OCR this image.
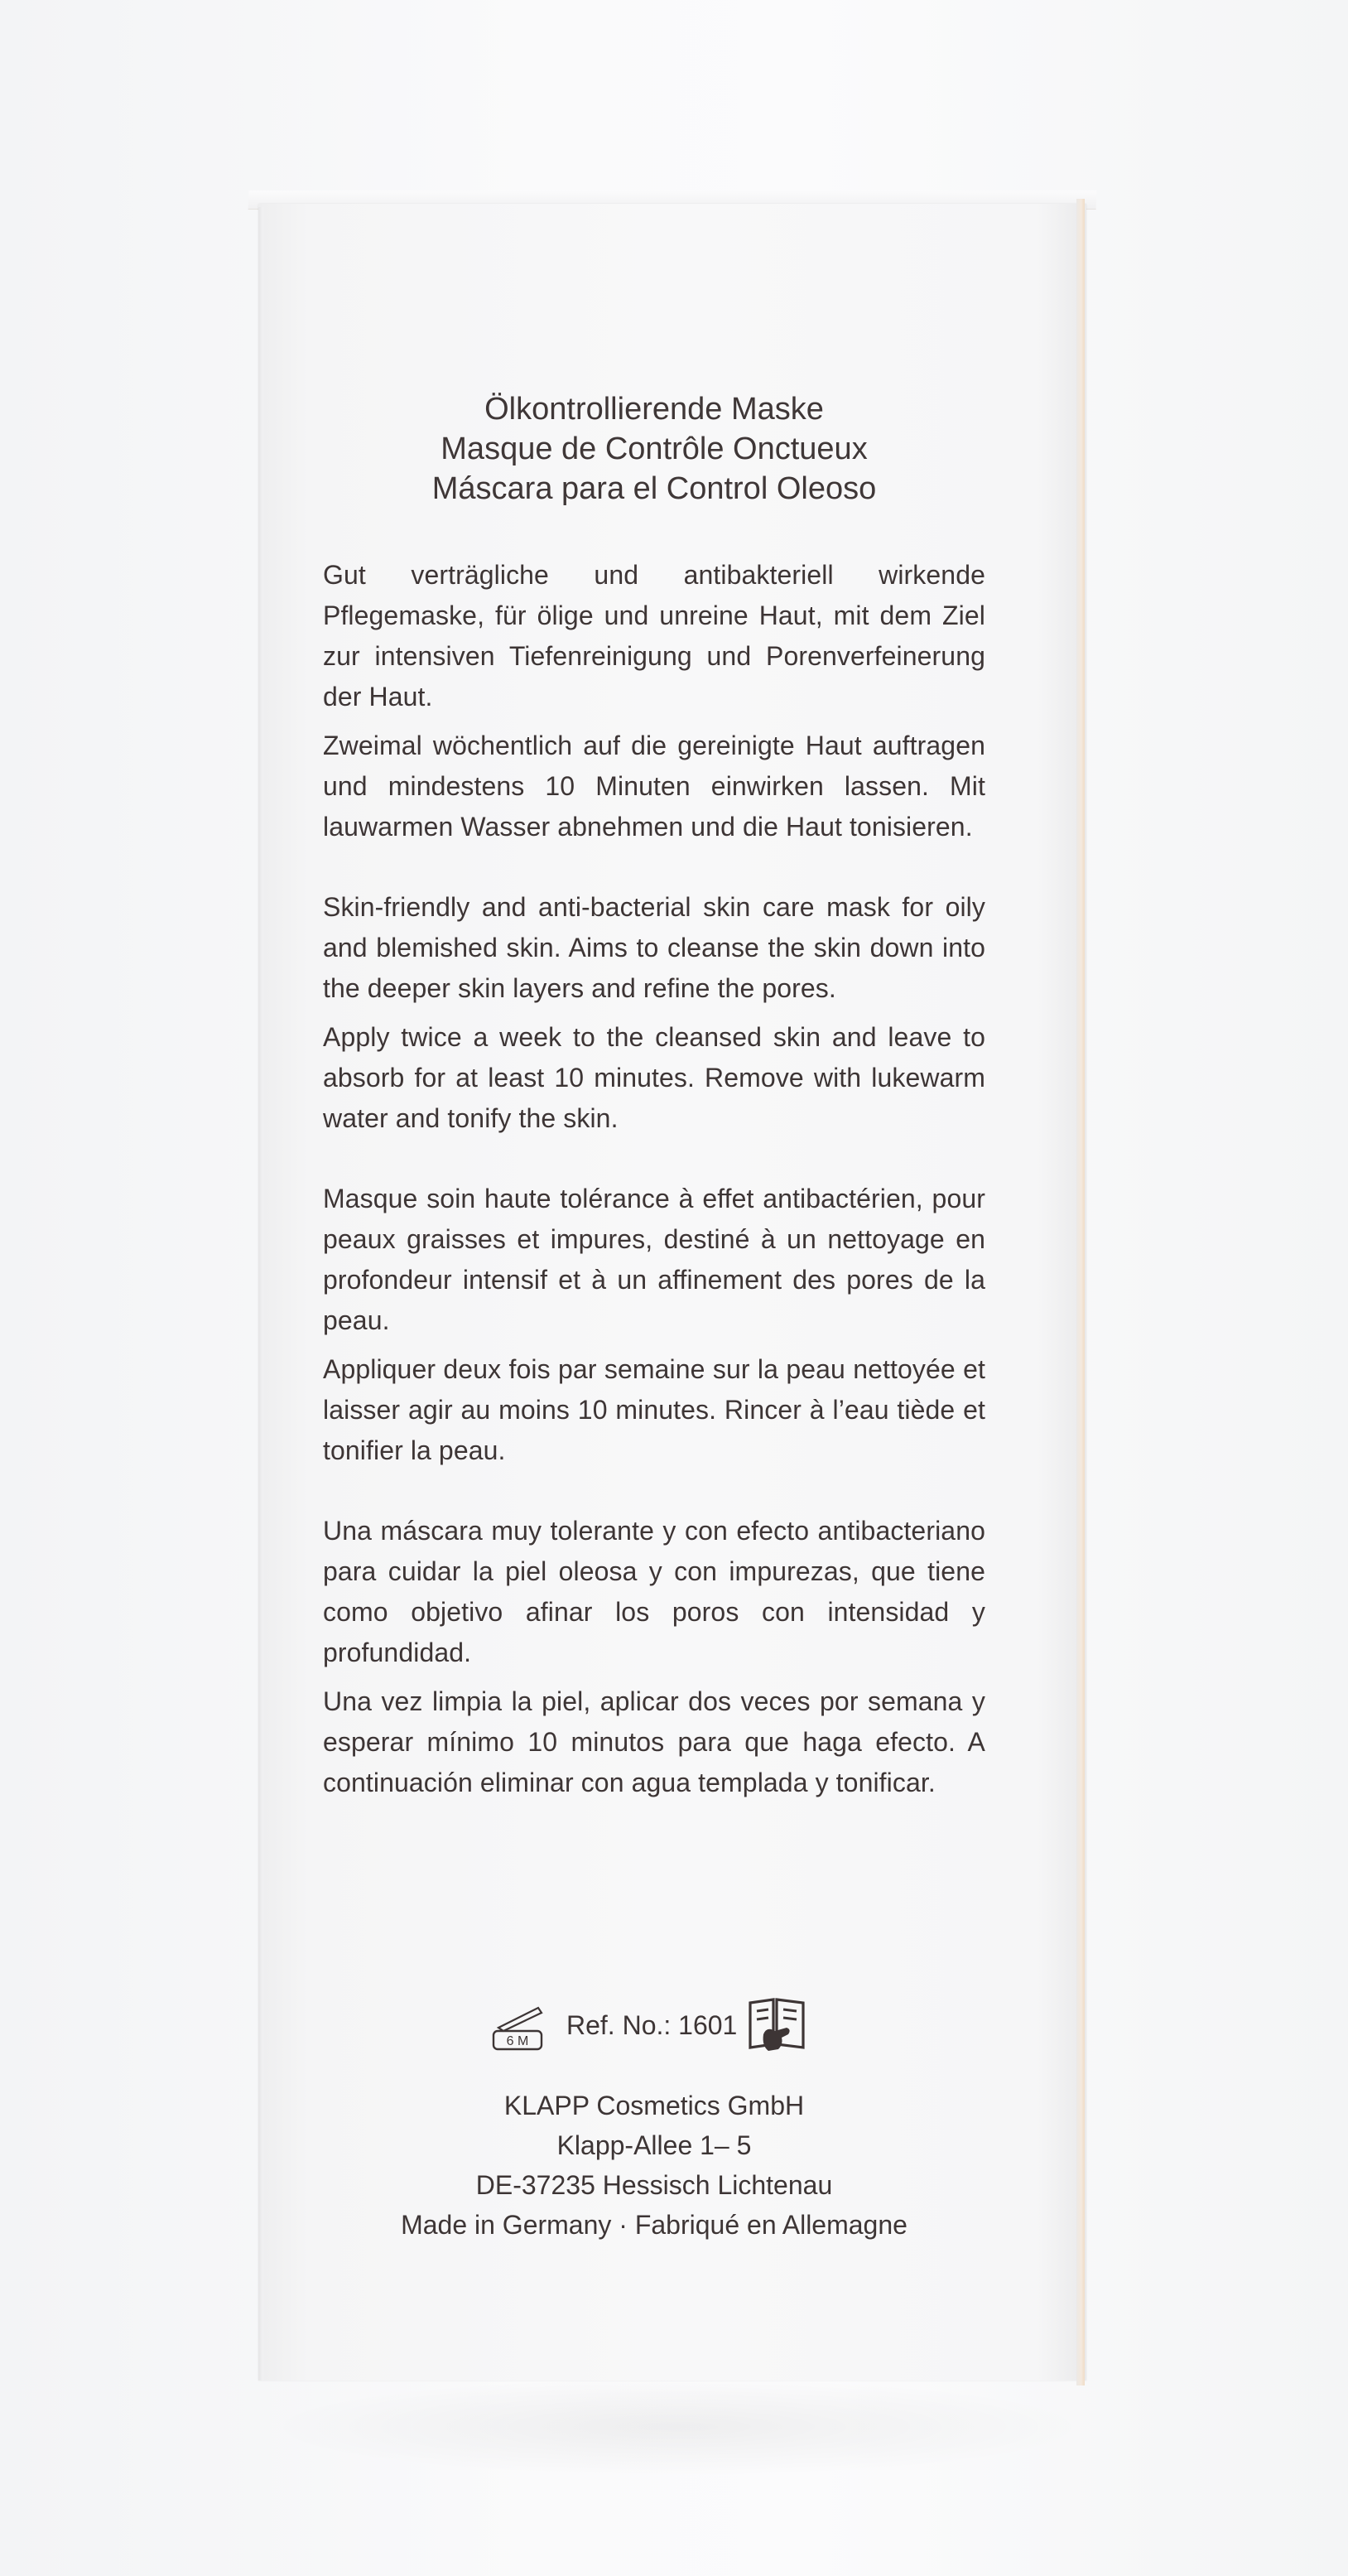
Ölkontrollierende Maske
Masque de Contrôle Onctueux
Máscara para el Control Oleoso

Gut verträgliche und antibakteriell wirkende Pflegemaske, für ölige und unreine Haut, mit dem Ziel zur intensiven Tiefenreinigung und Porenverfeinerung der Haut.

Zweimal wöchentlich auf die gereinigte Haut auftragen und mindestens 10 Minuten einwirken lassen. Mit lauwarmen Wasser abnehmen und die Haut tonisieren.

Skin-friendly and anti-bacterial skin care mask for oily and blemished skin. Aims to cleanse the skin down into the deeper skin layers and refine the pores.

Apply twice a week to the cleansed skin and leave to absorb for at least 10 minutes. Remove with lukewarm water and tonify the skin.

Masque soin haute tolérance à effet antibactérien, pour peaux graisses et impures, destiné à un nettoyage en profondeur intensif et à un affinement des pores de la peau.

Appliquer deux fois par semaine sur la peau nettoyée et laisser agir au moins 10 minutes. Rincer à l’eau tiède et tonifier la peau.

Una máscara muy tolerante y con efecto antibacteriano para cuidar la piel oleosa y con impurezas, que tiene como objetivo afinar los poros con intensidad y profundidad.

Una vez limpia la piel, aplicar dos veces por semana y esperar mínimo 10 minutos para que haga efecto. A continuación eliminar con agua templada y tonificar.

6 M
Ref. No.: 1601
KLAPP Cosmetics GmbH
Klapp-Allee 1– 5
DE-37235 Hessisch Lichtenau
Made in Germany · Fabriqué en Allemagne
